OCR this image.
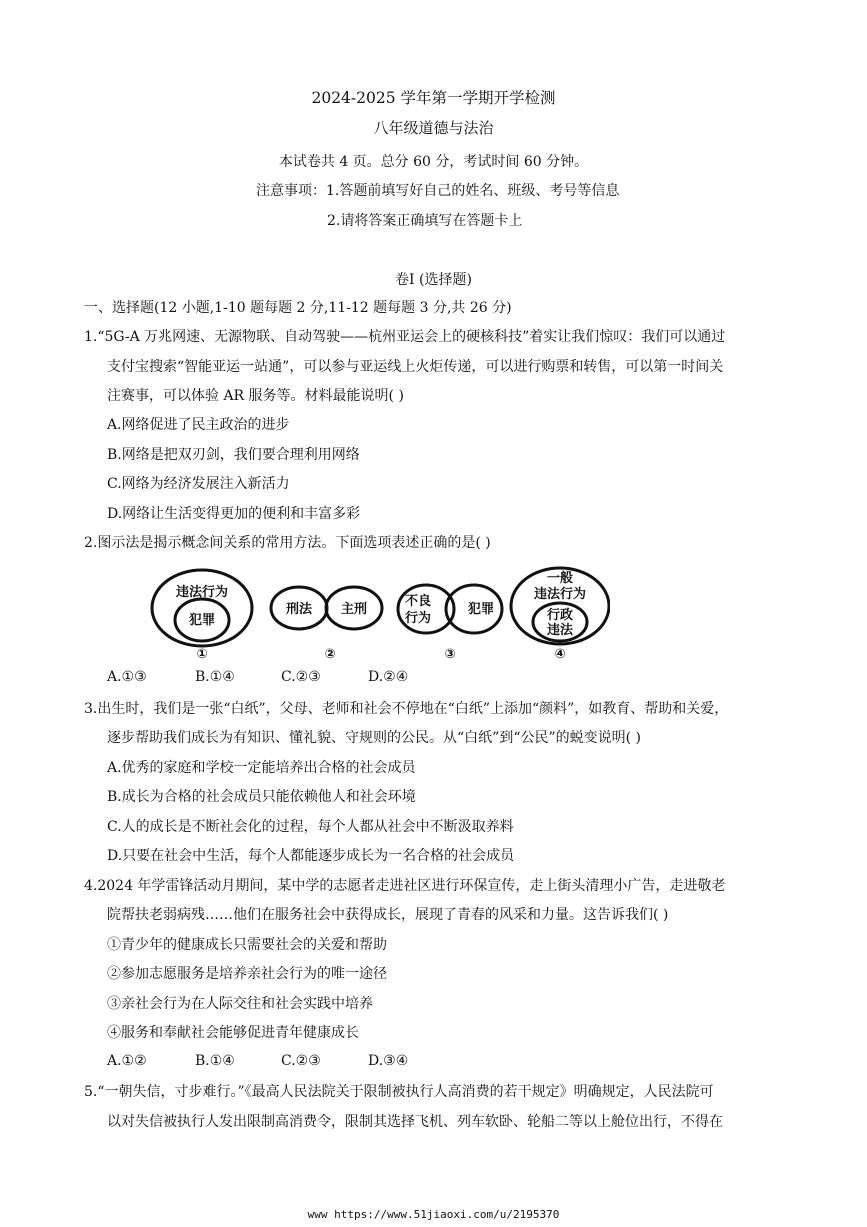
2024-2025 学年第一学期开学检测
八年级道德与法治
本试卷共 4 页。总分 60 分，考试时间 60 分钟。
注意事项：1.答题前填写好自己的姓名、班级、考号等信息
2.请将答案正确填写在答题卡上
卷Ⅰ (选择题)
一、选择题(12 小题,1-10 题每题 2 分,11-12 题每题 3 分,共 26 分)
1.“5G-A 万兆网速、无源物联、自动驾驶——杭州亚运会上的硬核科技”着实让我们惊叹：我们可以通过
支付宝搜索“智能亚运一站通”，可以参与亚运线上火炬传递，可以进行购票和转售，可以第一时间关
注赛事，可以体验 AR 服务等。材料最能说明( )
A.网络促进了民主政治的进步
B.网络是把双刃剑，我们要合理利用网络
C.网络为经济发展注入新活力
D.网络让生活变得更加的便利和丰富多彩
2.图示法是揭示概念间关系的常用方法。下面选项表述正确的是( )
违法行为
犯罪
刑法 主刑
不良
行为
犯罪
一般
违法行为
行政
违法
①	②	③	④
A.①③	B.①④	C.②③	D.②④
3.出生时，我们是一张“白纸”，父母、老师和社会不停地在“白纸”上添加“颜料”，如教育、帮助和关爱，
逐步帮助我们成长为有知识、懂礼貌、守规则的公民。从“白纸”到“公民”的蜕变说明( )
A.优秀的家庭和学校一定能培养出合格的社会成员
B.成长为合格的社会成员只能依赖他人和社会环境
C.人的成长是不断社会化的过程，每个人都从社会中不断汲取养料
D.只要在社会中生活，每个人都能逐步成长为一名合格的社会成员
4.2024 年学雷锋活动月期间，某中学的志愿者走进社区进行环保宣传，走上街头清理小广告，走进敬老
院帮扶老弱病残……他们在服务社会中获得成长，展现了青春的风采和力量。这告诉我们( )
①青少年的健康成长只需要社会的关爱和帮助
②参加志愿服务是培养亲社会行为的唯一途径
③亲社会行为在人际交往和社会实践中培养
④服务和奉献社会能够促进青年健康成长
A.①②	B.①④	C.②③	D.③④
5.“一朝失信，寸步难行。”《最高人民法院关于限制被执行人高消费的若干规定》明确规定，人民法院可
以对失信被执行人发出限制高消费令，限制其选择飞机、列车软卧、轮船二等以上舱位出行，不得在
www https://www.51jiaoxi.com/u/2195370
